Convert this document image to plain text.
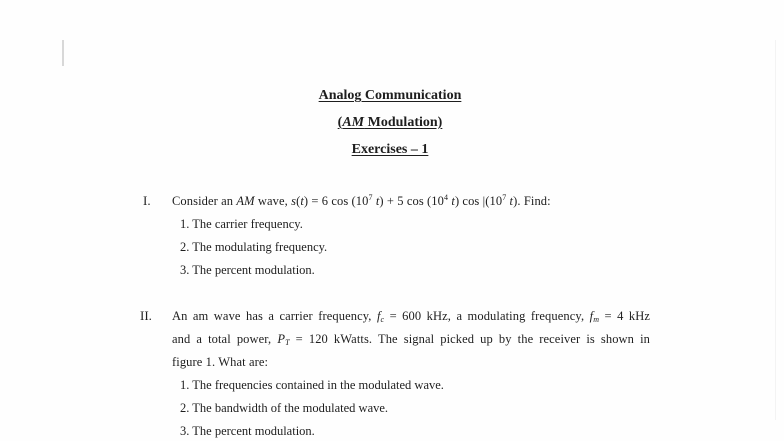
Analog Communication
(AM Modulation)
Exercises – 1
I. Consider an AM wave, s(t) = 6 $\cos (10^7$ t) + 5 $\cos (10^4$ t) $\cos |(10^7$ t). Find:
1. The carrier frequency.
2. The modulating frequency.
3. The percent modulation.
II. An am wave has a carrier frequency, $f_c = 600$ kHz, a modulating frequency, $f_m = 4$ kHz
and a total power, $P_T = 120$ kWatts. The signal picked up by the receiver is shown in
figure 1. What are:
1. The frequencies contained in the modulated wave.
2. The bandwidth of the modulated wave.
3. The percent modulation.
